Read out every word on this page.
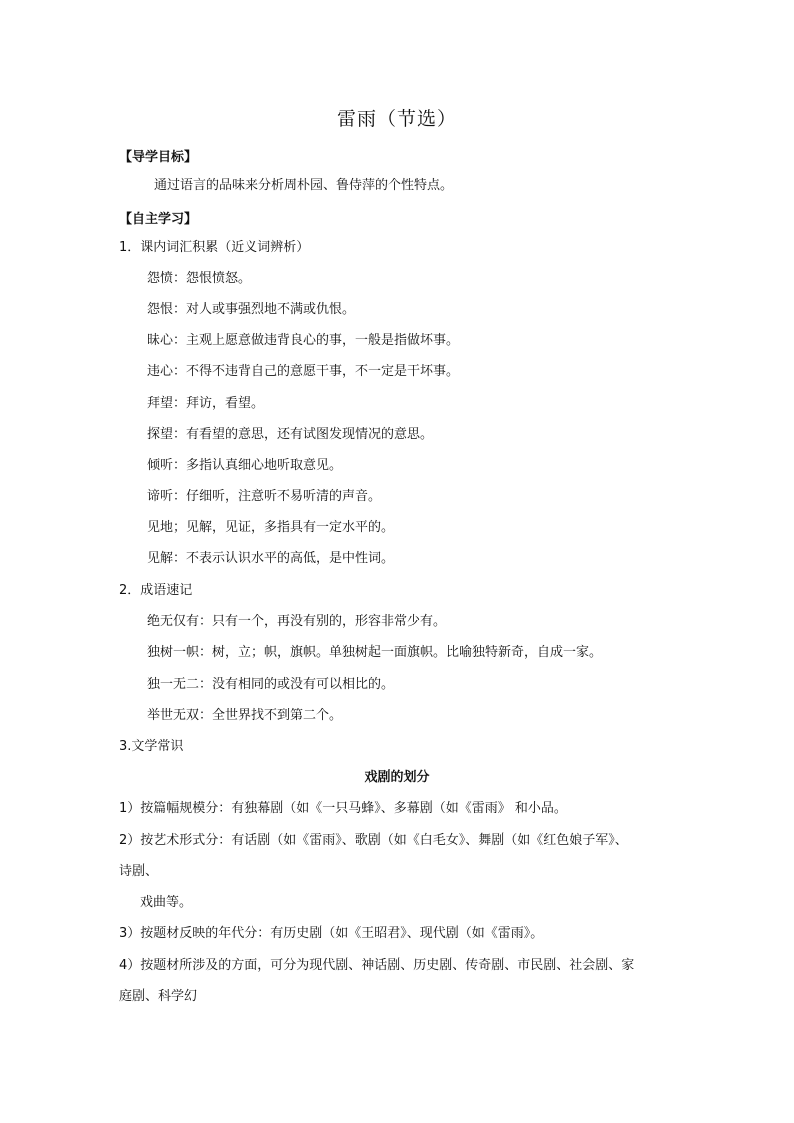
雷雨（节选）
【导学目标】
通过语言的品味来分析周朴园、鲁侍萍的个性特点。
【自主学习】
1．课内词汇积累（近义词辨析）
怨愤：怨恨愤怒。
怨恨：对人或事强烈地不满或仇恨。
昧心：主观上愿意做违背良心的事，一般是指做坏事。
违心：不得不违背自己的意愿干事，不一定是干坏事。
拜望：拜访，看望。
探望：有看望的意思，还有试图发现情况的意思。
倾听：多指认真细心地听取意见。
谛听：仔细听，注意听不易听清的声音。
见地；见解，见证，多指具有一定水平的。
见解：不表示认识水平的高低，是中性词。
2．成语速记
绝无仅有：只有一个，再没有别的，形容非常少有。
独树一帜：树，立；帜，旗帜。单独树起一面旗帜。比喻独特新奇，自成一家。
独一无二：没有相同的或没有可以相比的。
举世无双：全世界找不到第二个。
3.文学常识
戏剧的划分
1）按篇幅规模分：有独幕剧（如《一只马蜂》、多幕剧（如《雷雨》 和小品。
2）按艺术形式分：有话剧（如《雷雨》、歌剧（如《白毛女》、舞剧（如《红色娘子军》、
诗剧、
戏曲等。
3）按题材反映的年代分：有历史剧（如《王昭君》、现代剧（如《雷雨》。
4）按题材所涉及的方面，可分为现代剧、神话剧、历史剧、传奇剧、市民剧、社会剧、家
庭剧、科学幻
